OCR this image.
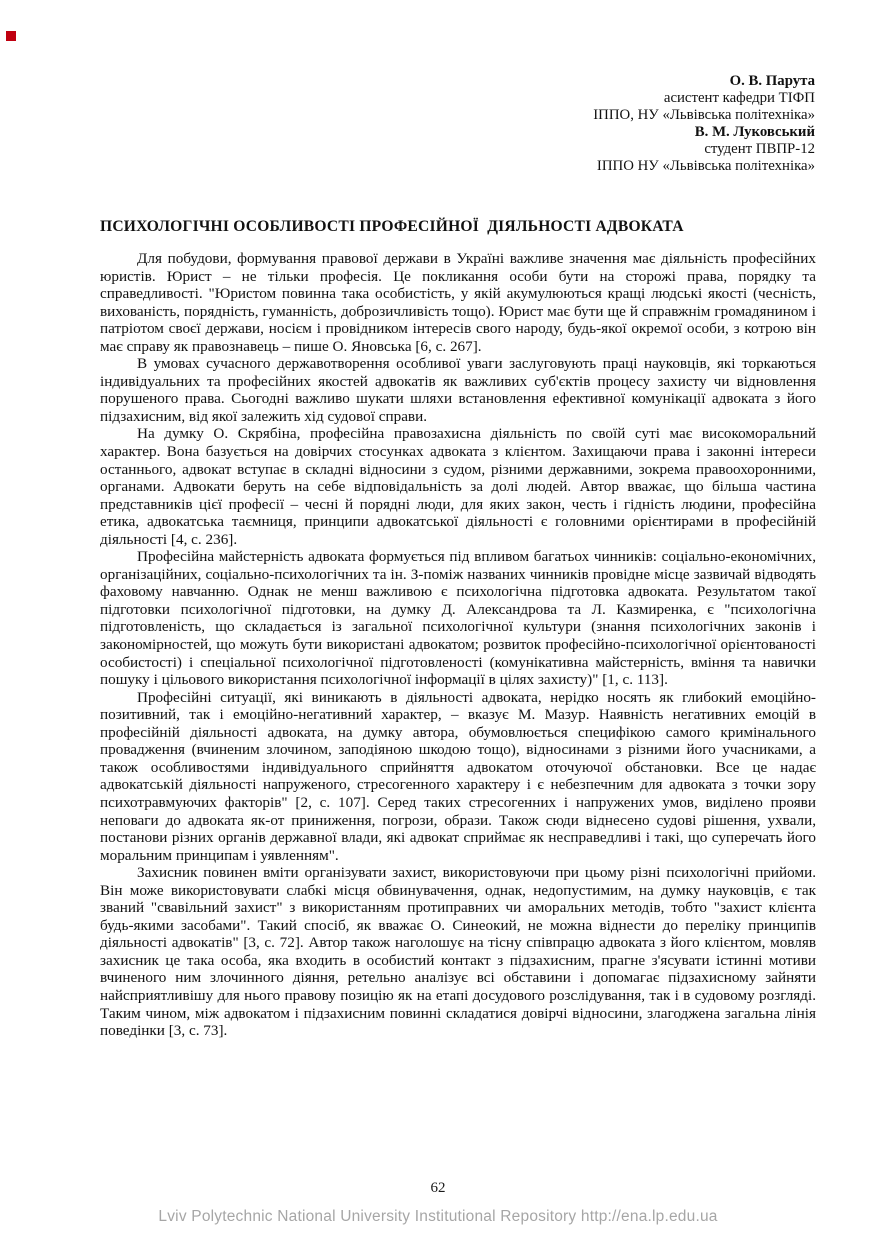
О. В. Парута
асистент кафедри ТІФП
ІППО, НУ «Львівська політехніка»
В. М. Луковський
студент ПВПР-12
ІППО НУ «Львівська політехніка»
ПСИХОЛОГІЧНІ ОСОБЛИВОСТІ ПРОФЕСІЙНОЇ  ДІЯЛЬНОСТІ АДВОКАТА

Для побудови, формування правової держави в Україні важливе значення має діяльність професійних юристів. Юрист – не тільки професія. Це покликання особи бути на сторожі права, порядку та справедливості. "Юристом повинна така особистість, у якій акумулюються кращі людські якості (чесність, вихованість, порядність, гуманність, доброзичливість тощо). Юрист має бути ще й справжнім громадянином і патріотом своєї держави, носієм і провідником інтересів свого народу, будь-якої окремої особи, з котрою він має справу як правознавець – пише О. Яновська [6, с. 267].

В умовах сучасного державотворення особливої уваги заслуговують праці науковців, які торкаються індивідуальних та професійних якостей адвокатів як важливих суб'єктів процесу захисту чи відновлення порушеного права. Сьогодні важливо шукати шляхи встановлення ефективної комунікації адвоката з його підзахисним, від якої залежить хід судової справи.

На думку О. Скрябіна, професійна правозахисна діяльність по своїй суті має високоморальний характер. Вона базується на довірчих стосунках адвоката з клієнтом. Захищаючи права і законні інтереси останнього, адвокат вступає в складні відносини з судом, різними державними, зокрема правоохоронними, органами. Адвокати беруть на себе відповідальність за долі людей. Автор вважає, що більша частина представників цієї професії – чесні й порядні люди, для яких закон, честь і гідність людини, професійна етика, адвокатська таємниця, принципи адвокатської діяльності є головними орієнтирами в професійній діяльності [4, с. 236].

Професійна майстерність адвоката формується під впливом багатьох чинників: соціально-економічних, організаційних, соціально-психологічних та ін. З-поміж названих чинників провідне місце зазвичай відводять фаховому навчанню. Однак не менш важливою є психологічна підготовка адвоката. Результатом такої підготовки психологічної підготовки, на думку Д. Александрова та Л. Казмиренка, є "психологічна підготовленість, що складається із загальної психологічної культури (знання психологічних законів і закономірностей, що можуть бути використані адвокатом; розвиток професійно-психологічної орієнтованості особистості) і спеціальної психологічної підготовленості (комунікативна майстерність, вміння та навички пошуку і цільового використання психологічної інформації в цілях захисту)" [1, с. 113].

Професійні ситуації, які виникають в діяльності адвоката, нерідко носять як глибокий емоційно-позитивний, так і емоційно-негативний характер, – вказує М. Мазур. Наявність негативних емоцій в професійній діяльності адвоката, на думку автора, обумовлюється специфікою самого кримінального провадження (вчиненим злочином, заподіяною шкодою тощо), відносинами з різними його учасниками, а також особливостями індивідуального сприйняття адвокатом оточуючої обстановки. Все це надає адвокатській діяльності напруженого, стресогенного характеру і є небезпечним для адвоката з точки зору психотравмуючих факторів" [2, с. 107]. Серед таких стресогенних і напружених умов, виділено прояви неповаги до адвоката як-от приниження, погрози, образи. Також сюди віднесено судові рішення, ухвали, постанови різних органів державної влади, які адвокат сприймає як несправедливі і такі, що суперечать його моральним принципам і уявленням".

Захисник повинен вміти організувати захист, використовуючи при цьому різні психологічні прийоми. Він може використовувати слабкі місця обвинувачення, однак, недопустимим, на думку науковців, є так званий "свавільний захист" з використанням протиправних чи аморальних методів, тобто "захист клієнта будь-якими засобами". Такий спосіб, як вважає О. Синеокий, не можна віднести до переліку принципів діяльності адвокатів" [3, с. 72]. Автор також наголошує на тісну співпрацю адвоката з його клієнтом, мовляв захисник це така особа, яка входить в особистий контакт з підзахисним, прагне з'ясувати істинні мотиви вчиненого ним злочинного діяння, ретельно аналізує всі обставини і допомагає підзахисному зайняти найсприятливішу для нього правову позицію як на етапі досудового розслідування, так і в судовому розгляді. Таким чином, між адвокатом і підзахисним повинні складатися довірчі відносини, злагоджена загальна лінія поведінки [3, с. 73].

62
Lviv Polytechnic National University Institutional Repository http://ena.lp.edu.ua
